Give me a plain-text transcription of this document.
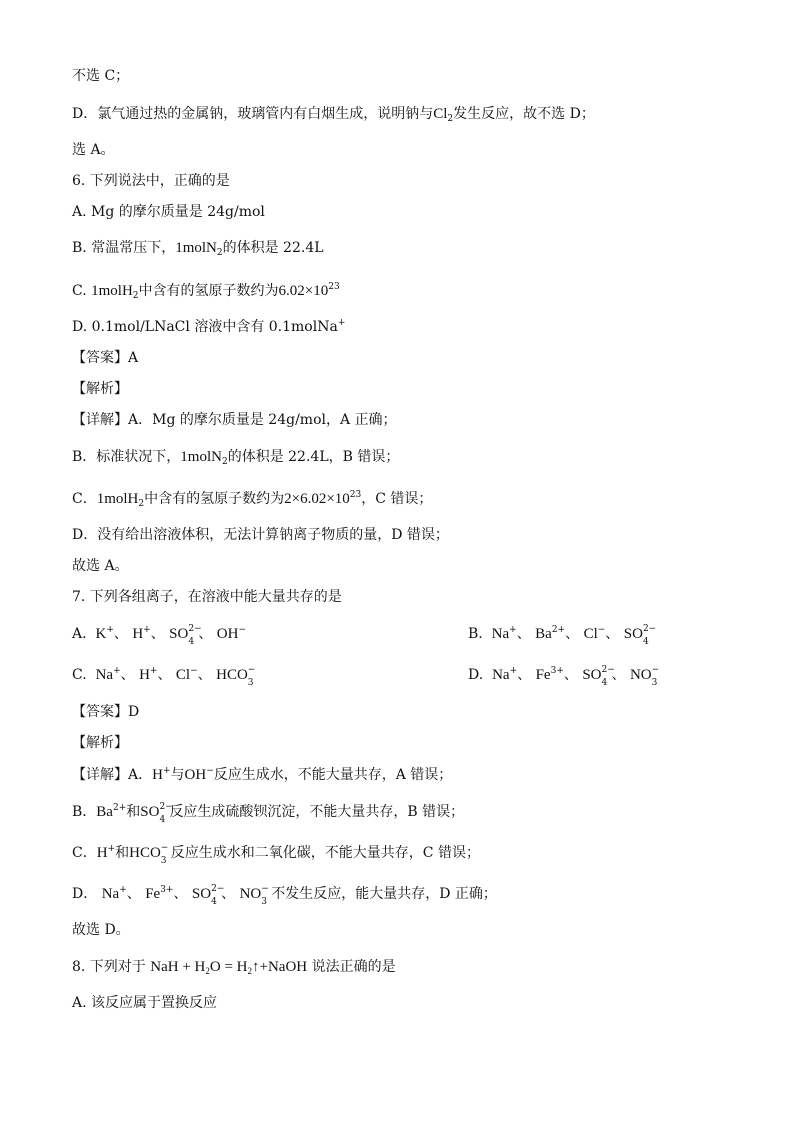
不选 C；
D．氯气通过热的金属钠，玻璃管内有白烟生成，说明钠与$Cl_2$发生反应，故不选 D；
选 A。
6. 下列说法中，正确的是
A. Mg 的摩尔质量是 24g/mol
B. 常温常压下，1molN$_2$的体积是 22.4L
C. 1molH$_2$中含有的氢原子数约为$6.02\times 10^{23}$
D. 0.1mol/LNaCl 溶液中含有 0.1molNa+
【答案】A
【解析】
【详解】A．Mg 的摩尔质量是 24g/mol，A 正确；
B．标准状况下，1molN$_2$的体积是 22.4L，B 错误；
C．1molH$_2$中含有的氢原子数约为$2\times 6.02\times 10^{23}$，C 错误；
D．没有给出溶液体积，无法计算钠离子物质的量，D 错误；
故选 A。
7. 下列各组离子，在溶液中能大量共存的是
A. K+、 H+、 SO 2−
4 、 OH−	B. Na+、 $Ba^{2+}$、 Cl−、 SO 2−
4
C. Na+、 H+、 Cl−、 HCO −
3	D. Na+、 $Fe^{3+}$、 SO 2−
4 、 NO −
3
【答案】D
【解析】
【详解】A．H+与OH−反应生成水，不能大量共存，A 错误；
B．$Ba^{2+}$和SO 2−
4 反应生成硫酸钡沉淀，不能大量共存，B 错误；
C．H+和HCO −
3 反应生成水和二氧化碳，不能大量共存，C 错误；
D． Na+、 $Fe^{3+}$、 SO 2−
4 、 NO −
3 不发生反应，能大量共存，D 正确；
故选 D。
8. 下列对于 NaH + $H_2O$ = $H_2↑+NaOH$ 说法正确的是
A. 该反应属于置换反应
